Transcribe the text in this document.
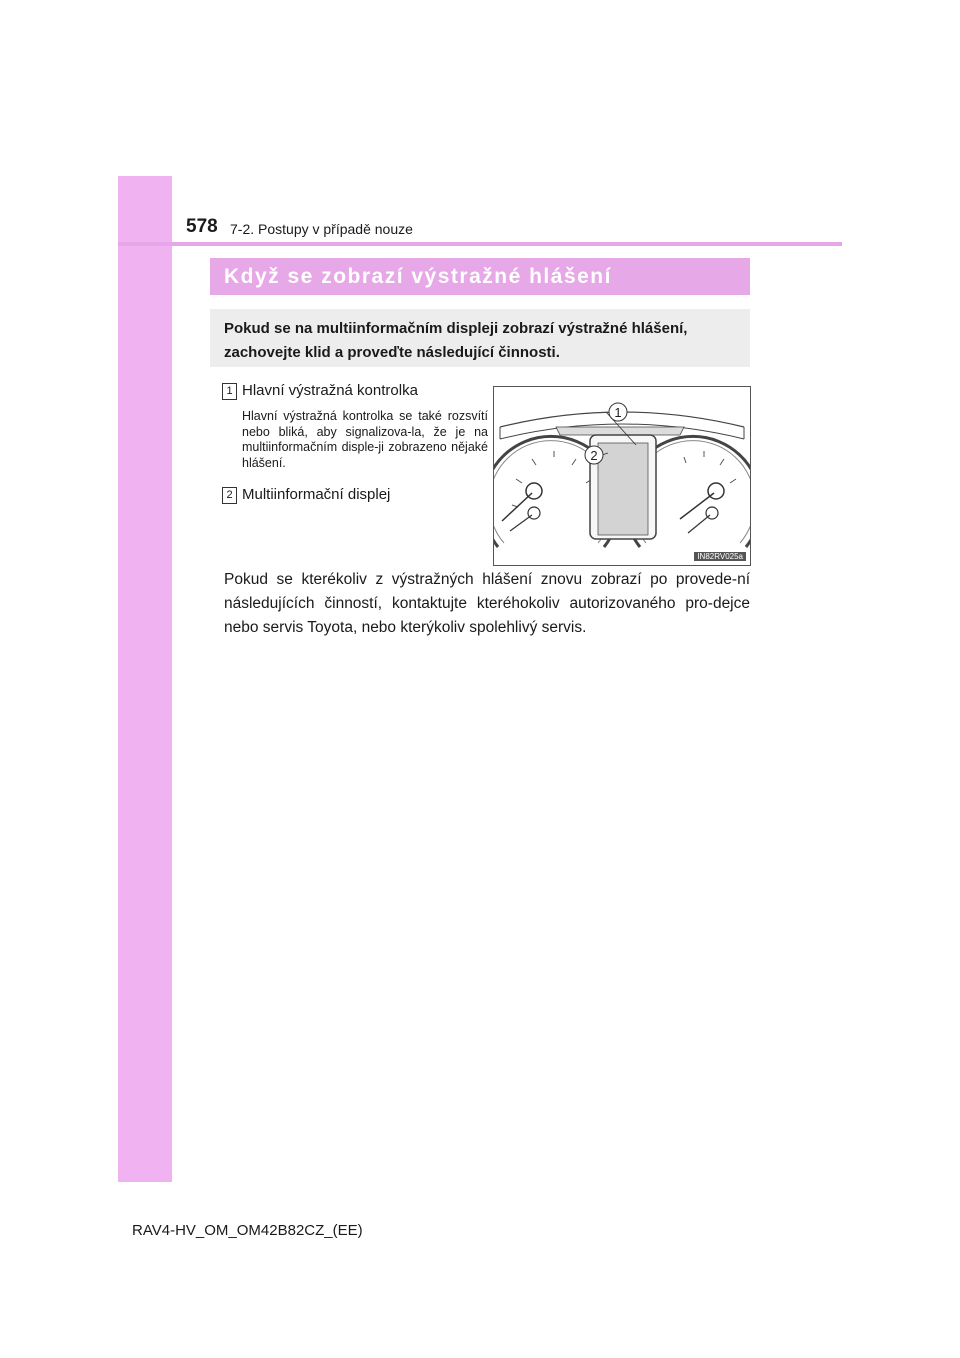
578 7-2. Postupy v případě nouze
Když se zobrazí výstražné hlášení
Pokud se na multiinformačním displeji zobrazí výstražné hlášení, zachovejte klid a proveďte následující činnosti.
1 Hlavní výstražná kontrolka
Hlavní výstražná kontrolka se také rozsvítí nebo bliká, aby signalizova-la, že je na multiinformačním disple-ji zobrazeno nějaké hlášení.
2 Multiinformační displej
1
2
IN82RV025a
Pokud se kterékoliv z výstražných hlášení znovu zobrazí po provede-ní následujících činností, kontaktujte kteréhokoliv autorizovaného pro-dejce nebo servis Toyota, nebo kterýkoliv spolehlivý servis.
RAV4-HV_OM_OM42B82CZ_(EE)
